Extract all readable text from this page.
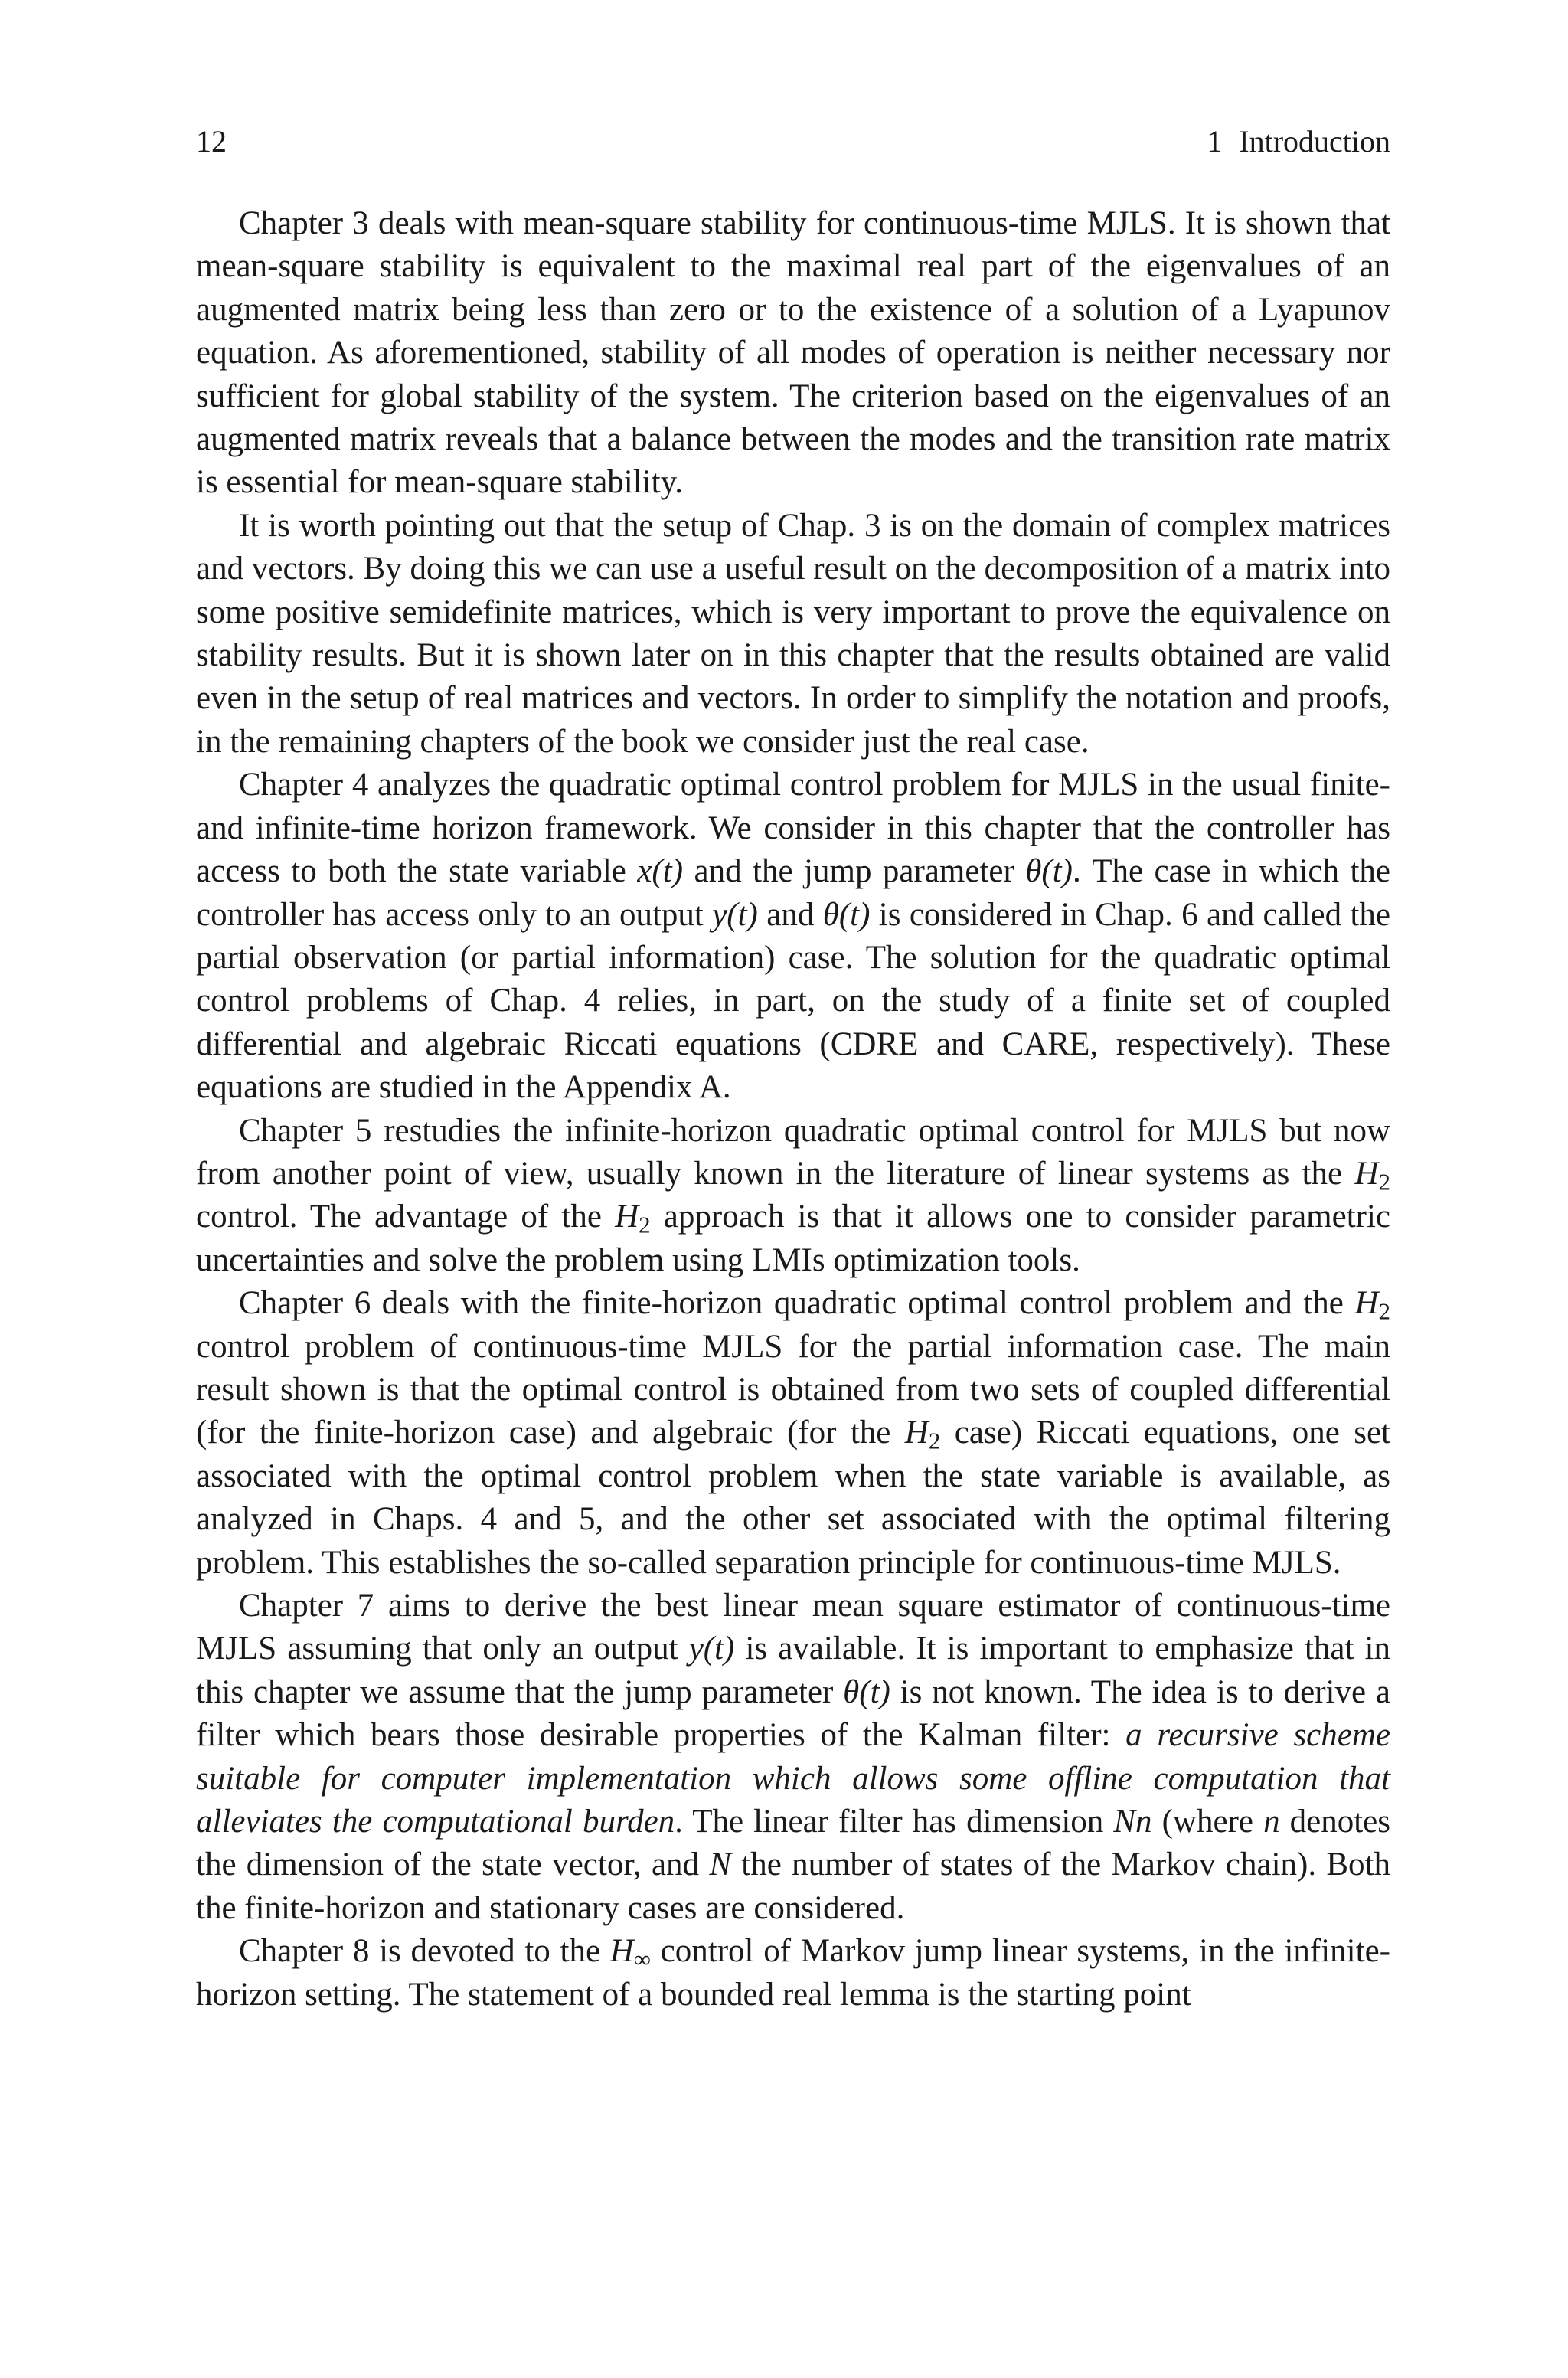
12	1 Introduction

Chapter 3 deals with mean-square stability for continuous-time MJLS. It is shown that mean-square stability is equivalent to the maximal real part of the eigenvalues of an augmented matrix being less than zero or to the existence of a solution of a Lyapunov equation. As aforementioned, stability of all modes of operation is neither necessary nor sufficient for global stability of the system. The criterion based on the eigenvalues of an augmented matrix reveals that a balance between the modes and the transition rate matrix is essential for mean-square stability.

It is worth pointing out that the setup of Chap. 3 is on the domain of complex matrices and vectors. By doing this we can use a useful result on the decomposition of a matrix into some positive semidefinite matrices, which is very important to prove the equivalence on stability results. But it is shown later on in this chapter that the results obtained are valid even in the setup of real matrices and vectors. In order to simplify the notation and proofs, in the remaining chapters of the book we consider just the real case.

Chapter 4 analyzes the quadratic optimal control problem for MJLS in the usual finite- and infinite-time horizon framework. We consider in this chapter that the controller has access to both the state variable x(t) and the jump parameter θ(t). The case in which the controller has access only to an output y(t) and θ(t) is considered in Chap. 6 and called the partial observation (or partial information) case. The solution for the quadratic optimal control problems of Chap. 4 relies, in part, on the study of a finite set of coupled differential and algebraic Riccati equations (CDRE and CARE, respectively). These equations are studied in the Appendix A.

Chapter 5 restudies the infinite-horizon quadratic optimal control for MJLS but now from another point of view, usually known in the literature of linear systems as the $H_2$ control. The advantage of the $H_2$ approach is that it allows one to consider parametric uncertainties and solve the problem using LMIs optimization tools.

Chapter 6 deals with the finite-horizon quadratic optimal control problem and the $H_2$ control problem of continuous-time MJLS for the partial information case. The main result shown is that the optimal control is obtained from two sets of coupled differential (for the finite-horizon case) and algebraic (for the $H_2$ case) Riccati equations, one set associated with the optimal control problem when the state variable is available, as analyzed in Chaps. 4 and 5, and the other set associated with the optimal filtering problem. This establishes the so-called separation principle for continuous-time MJLS.

Chapter 7 aims to derive the best linear mean square estimator of continuous-time MJLS assuming that only an output y(t) is available. It is important to emphasize that in this chapter we assume that the jump parameter θ(t) is not known. The idea is to derive a filter which bears those desirable properties of the Kalman filter: a recursive scheme suitable for computer implementation which allows some offline computation that alleviates the computational burden. The linear filter has dimension Nn (where n denotes the dimension of the state vector, and N the number of states of the Markov chain). Both the finite-horizon and stationary cases are considered.

Chapter 8 is devoted to the $H_\infty$ control of Markov jump linear systems, in the infinite-horizon setting. The statement of a bounded real lemma is the starting point
